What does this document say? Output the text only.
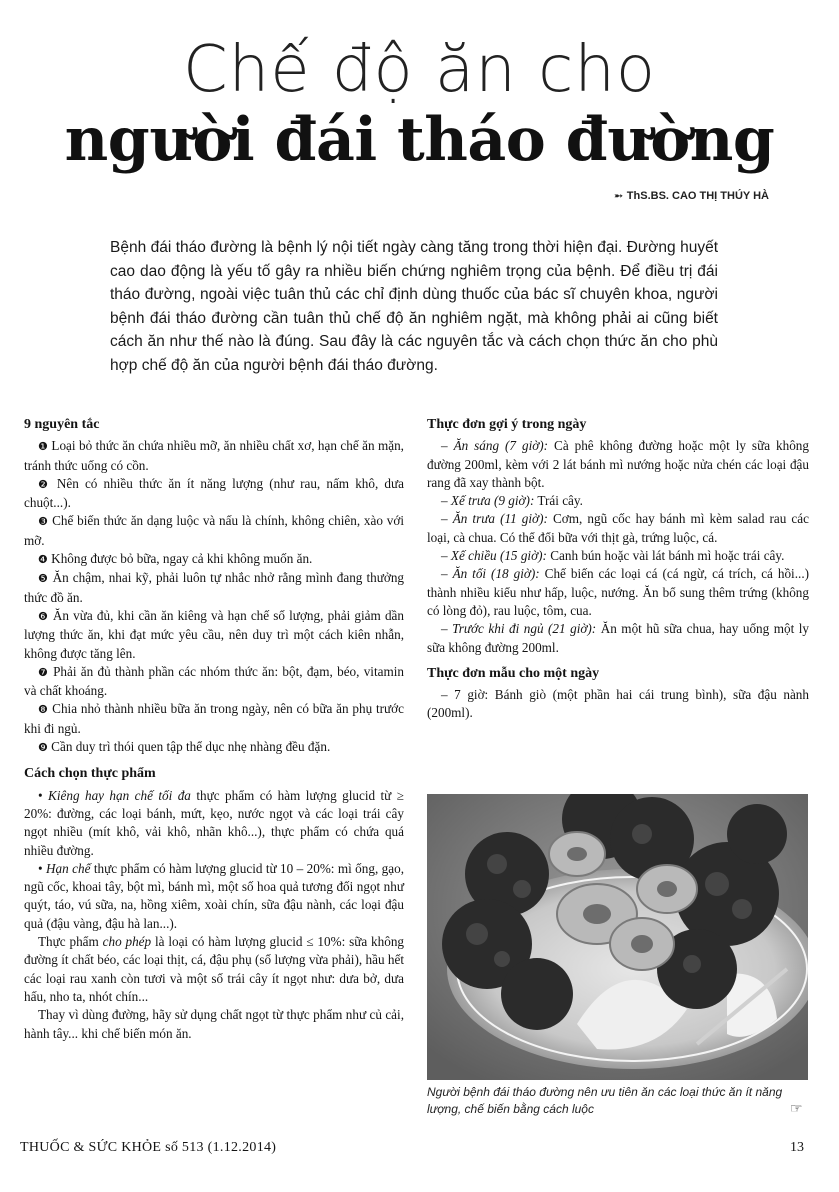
Chế độ ăn cho
người đái tháo đường
➵ ThS.BS. CAO THỊ THÚY HÀ
Bệnh đái tháo đường là bệnh lý nội tiết ngày càng tăng trong thời hiện đại. Đường huyết cao dao động là yếu tố gây ra nhiều biến chứng nghiêm trọng của bệnh. Để điều trị đái tháo đường, ngoài việc tuân thủ các chỉ định dùng thuốc của bác sĩ chuyên khoa, người bệnh đái tháo đường cần tuân thủ chế độ ăn nghiêm ngặt, mà không phải ai cũng biết cách ăn như thế nào là đúng. Sau đây là các nguyên tắc và cách chọn thức ăn cho phù hợp chế độ ăn của người bệnh đái tháo đường.
9 nguyên tắc

❶ Loại bỏ thức ăn chứa nhiều mỡ, ăn nhiều chất xơ, hạn chế ăn mặn, tránh thức uống có cồn.

❷ Nên có nhiều thức ăn ít năng lượng (như rau, nấm khô, dưa chuột...).

❸ Chế biến thức ăn dạng luộc và nấu là chính, không chiên, xào với mỡ.

❹ Không được bỏ bữa, ngay cả khi không muốn ăn.

❺ Ăn chậm, nhai kỹ, phải luôn tự nhắc nhở rằng mình đang thưởng thức đồ ăn.

❻ Ăn vừa đủ, khi cần ăn kiêng và hạn chế số lượng, phải giảm dần lượng thức ăn, khi đạt mức yêu cầu, nên duy trì một cách kiên nhẫn, không được tăng lên.

❼ Phải ăn đủ thành phần các nhóm thức ăn: bột, đạm, béo, vitamin và chất khoáng.

❽ Chia nhỏ thành nhiều bữa ăn trong ngày, nên có bữa ăn phụ trước khi đi ngủ.

❾ Cần duy trì thói quen tập thể dục nhẹ nhàng đều đặn.

Cách chọn thực phẩm

• Kiêng hay hạn chế tối đa thực phẩm có hàm lượng glucid từ ≥ 20%: đường, các loại bánh, mứt, kẹo, nước ngọt và các loại trái cây ngọt nhiều (mít khô, vải khô, nhãn khô...), thực phẩm có chứa quá nhiều đường.

• Hạn chế thực phẩm có hàm lượng glucid từ 10 – 20%: mì ống, gạo, ngũ cốc, khoai tây, bột mì, bánh mì, một số hoa quả tương đối ngọt như quýt, táo, vú sữa, na, hồng xiêm, xoài chín, sữa đậu nành, các loại đậu quả (đậu vàng, đậu hà lan...).

Thực phẩm cho phép là loại có hàm lượng glucid ≤ 10%: sữa không đường ít chất béo, các loại thịt, cá, đậu phụ (số lượng vừa phải), hầu hết các loại rau xanh còn tươi và một số trái cây ít ngọt như: dưa bở, dưa hấu, nho ta, nhót chín...

Thay vì dùng đường, hãy sử dụng chất ngọt từ thực phẩm như củ cải, hành tây... khi chế biến món ăn.

Thực đơn gợi ý trong ngày

– Ăn sáng (7 giờ): Cà phê không đường hoặc một ly sữa không đường 200ml, kèm với 2 lát bánh mì nướng hoặc nửa chén các loại đậu rang đã xay thành bột.

– Xế trưa (9 giờ): Trái cây.

– Ăn trưa (11 giờ): Cơm, ngũ cốc hay bánh mì kèm salad rau các loại, cà chua. Có thể đổi bữa với thịt gà, trứng luộc, cá.

– Xế chiều (15 giờ): Canh bún hoặc vài lát bánh mì hoặc trái cây.

– Ăn tối (18 giờ): Chế biến các loại cá (cá ngừ, cá trích, cá hồi...) thành nhiều kiểu như hấp, luộc, nướng. Ăn bổ sung thêm trứng (không có lòng đỏ), rau luộc, tôm, cua.

– Trước khi đi ngủ (21 giờ): Ăn một hũ sữa chua, hay uống một ly sữa không đường 200ml.

Thực đơn mẫu cho một ngày

– 7 giờ: Bánh giò (một phần hai cái trung bình), sữa đậu nành (200ml).

Người bệnh đái tháo đường nên ưu tiên ăn các loại thức ăn ít năng lượng, chế biến bằng cách luộc	☞
THUỐC & SỨC KHỎE số 513 (1.12.2014)	13
